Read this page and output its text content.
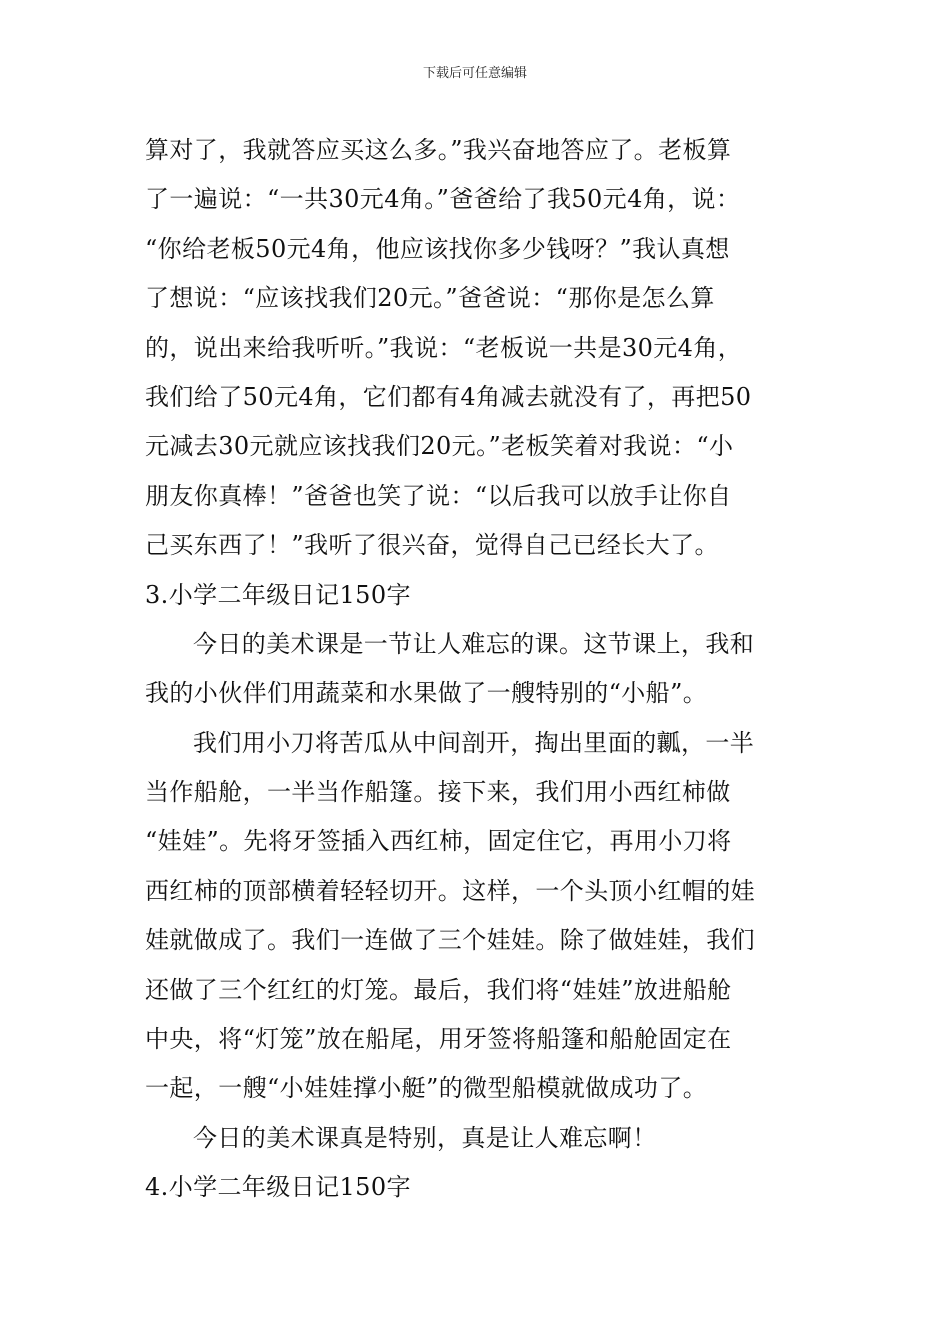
下载后可任意编辑
算对了，我就答应买这么多。”我兴奋地答应了。老板算
了一遍说：“一共30元4角。”爸爸给了我50元4角，说：
“你给老板50元4角，他应该找你多少钱呀？”我认真想
了想说：“应该找我们20元。”爸爸说：“那你是怎么算
的，说出来给我听听。”我说：“老板说一共是30元4角，
我们给了50元4角，它们都有4角减去就没有了，再把50
元减去30元就应该找我们20元。”老板笑着对我说：“小
朋友你真棒！”爸爸也笑了说：“以后我可以放手让你自
己买东西了！”我听了很兴奋，觉得自己已经长大了。
3.小学二年级日记150字
今日的美术课是一节让人难忘的课。这节课上，我和
我的小伙伴们用蔬菜和水果做了一艘特别的“小船”。
我们用小刀将苦瓜从中间剖开，掏出里面的瓤，一半
当作船舱，一半当作船篷。接下来，我们用小西红柿做
“娃娃”。先将牙签插入西红柿，固定住它，再用小刀将
西红柿的顶部横着轻轻切开。这样，一个头顶小红帽的娃
娃就做成了。我们一连做了三个娃娃。除了做娃娃，我们
还做了三个红红的灯笼。最后，我们将“娃娃”放进船舱
中央，将“灯笼”放在船尾，用牙签将船篷和船舱固定在
一起，一艘“小娃娃撑小艇”的微型船模就做成功了。
今日的美术课真是特别，真是让人难忘啊！
4.小学二年级日记150字
